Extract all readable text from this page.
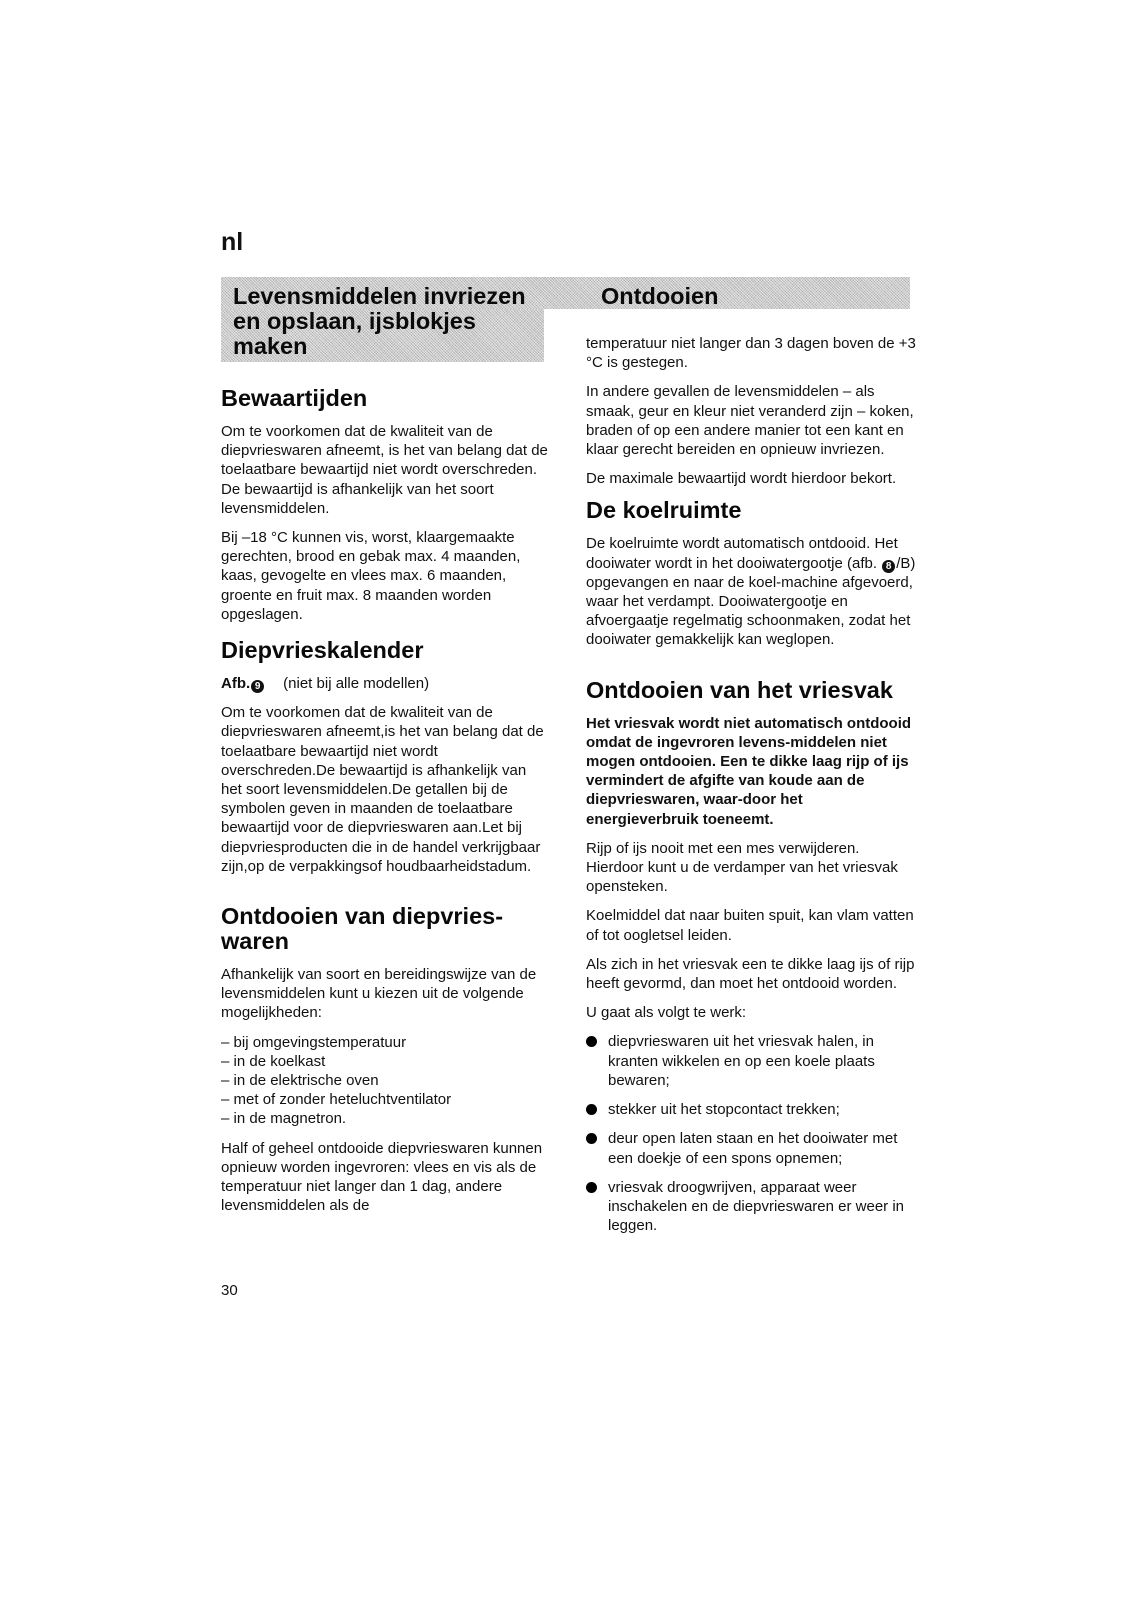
nl
Levensmiddelen invriezen
en opslaan, ijsblokjes
maken
Ontdooien
Bewaartijden

Om te voorkomen dat de kwaliteit van de diepvrieswaren afneemt, is het van belang dat de toelaatbare bewaartijd niet wordt overschreden.

De bewaartijd is afhankelijk van het soort levensmiddelen.

Bij –18 °C kunnen vis, worst, klaargemaakte gerechten, brood en gebak max. 4 maanden, kaas, gevogelte en vlees max. 6 maanden, groente en fruit max. 8 maanden worden opgeslagen.

Diepvrieskalender
Afb. 9 (niet bij alle modellen)

Om te voorkomen dat de kwaliteit van de diepvrieswaren afneemt,is het van belang dat de toelaatbare bewaartijd niet wordt overschreden.De bewaartijd is afhankelijk van het soort levensmiddelen.De getallen bij de symbolen geven in maanden de toelaatbare bewaartijd voor de diepvrieswaren aan.Let bij diepvriesproducten die in de handel verkrijgbaar zijn,op de verpakkingsof houdbaarheidstadum.

Ontdooien van diepvries-
waren

Afhankelijk van soort en bereidingswijze van de levensmiddelen kunt u kiezen uit de volgende mogelijkheden:

– bij omgevingstemperatuur
– in de koelkast
– in de elektrische oven
– met of zonder heteluchtventilator
– in de magnetron.

Half of geheel ontdooide diepvrieswaren kunnen opnieuw worden ingevroren: vlees en vis als de temperatuur niet langer dan 1 dag, andere levensmiddelen als de

30

temperatuur niet langer dan 3 dagen boven de +3 °C is gestegen.

In andere gevallen de levensmiddelen – als smaak, geur en kleur niet veranderd zijn – koken, braden of op een andere manier tot een kant en klaar gerecht bereiden en opnieuw invriezen.

De maximale bewaartijd wordt hierdoor bekort.

De koelruimte

De koelruimte wordt automatisch ontdooid. Het dooiwater wordt in het dooiwatergootje (afb. 8 /B) opgevangen en naar de koel-machine afgevoerd, waar het verdampt. Dooiwatergootje en afvoergaatje regelmatig schoonmaken, zodat het dooiwater gemakkelijk kan weglopen.

Ontdooien van het vriesvak

Het vriesvak wordt niet automatisch ontdooid omdat de ingevroren levens-middelen niet mogen ontdooien. Een te dikke laag rijp of ijs vermindert de afgifte van koude aan de diepvrieswaren, waar-door het energieverbruik toeneemt.

Rijp of ijs nooit met een mes verwijderen. Hierdoor kunt u de verdamper van het vriesvak opensteken.

Koelmiddel dat naar buiten spuit, kan vlam vatten of tot oogletsel leiden.

Als zich in het vriesvak een te dikke laag ijs of rijp heeft gevormd, dan moet het ontdooid worden.

U gaat als volgt te werk:

diepvrieswaren uit het vriesvak halen, in kranten wikkelen en op een koele plaats bewaren;
stekker uit het stopcontact trekken;
deur open laten staan en het dooiwater met een doekje of een spons opnemen;
vriesvak droogwrijven, apparaat weer inschakelen en de diepvrieswaren er weer in leggen.
